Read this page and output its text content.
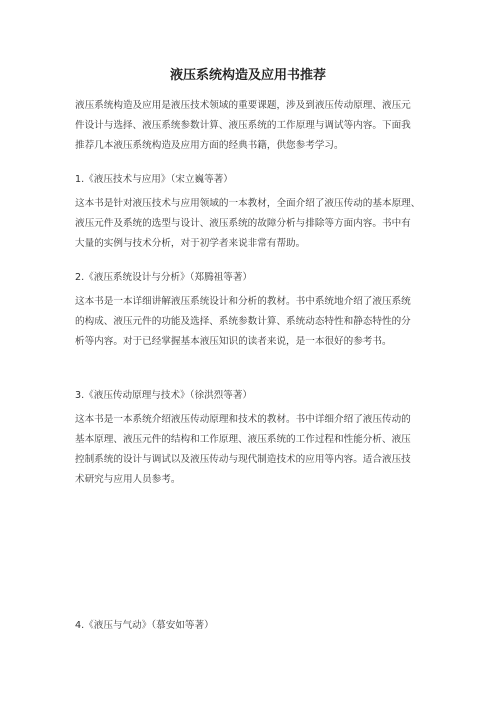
液压系统构造及应用书推荐
液压系统构造及应用是液压技术领域的重要课题，涉及到液压传动原理、液压元
件设计与选择、液压系统参数计算、液压系统的工作原理与调试等内容。下面我
推荐几本液压系统构造及应用方面的经典书籍，供您参考学习。
1.《液压技术与应用》（宋立巍等著）
这本书是针对液压技术与应用领域的一本教材，全面介绍了液压传动的基本原理、
液压元件及系统的选型与设计、液压系统的故障分析与排除等方面内容。书中有
大量的实例与技术分析，对于初学者来说非常有帮助。
2.《液压系统设计与分析》（郑腾祖等著）
这本书是一本详细讲解液压系统设计和分析的教材。书中系统地介绍了液压系统
的构成、液压元件的功能及选择、系统参数计算、系统动态特性和静态特性的分
析等内容。对于已经掌握基本液压知识的读者来说，是一本很好的参考书。
3.《液压传动原理与技术》（徐洪烈等著）
这本书是一本系统介绍液压传动原理和技术的教材。书中详细介绍了液压传动的
基本原理、液压元件的结构和工作原理、液压系统的工作过程和性能分析、液压
控制系统的设计与调试以及液压传动与现代制造技术的应用等内容。适合液压技
术研究与应用人员参考。
4.《液压与气动》（慕安如等著）
